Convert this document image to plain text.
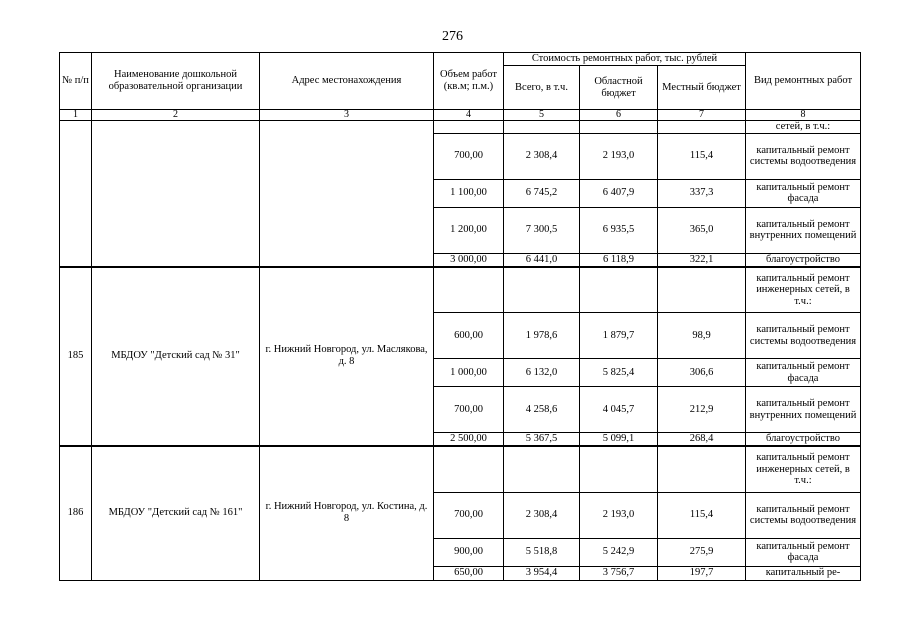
276
№ п/п	Наименование дошкольной образовательной организации	Адрес местонахождения	Объем работ (кв.м; п.м.)	Стоимость ремонтных работ, тыс. рублей			Вид ремонтных работ
				Всего, в т.ч.	Областной бюджет	Местный бюджет	
1	2	3	4	5	6	7	8
							сетей, в т.ч.:
			700,00	2 308,4	2 193,0	115,4	капитальный ремонт системы водоотведения
			1 100,00	6 745,2	6 407,9	337,3	капитальный ремонт фасада
			1 200,00	7 300,5	6 935,5	365,0	капитальный ремонт внутренних помещений
			3 000,00	6 441,0	6 118,9	322,1	благоустройство
185	МБДОУ "Детский сад № 31"	г. Нижний Новгород, ул. Маслякова, д. 8					капитальный ремонт инженерных сетей, в т.ч.:
			600,00	1 978,6	1 879,7	98,9	капитальный ремонт системы водоотведения
			1 000,00	6 132,0	5 825,4	306,6	капитальный ремонт фасада
			700,00	4 258,6	4 045,7	212,9	капитальный ремонт внутренних помещений
			2 500,00	5 367,5	5 099,1	268,4	благоустройство
186	МБДОУ "Детский сад № 161"	г. Нижний Новгород, ул. Костина, д. 8					капитальный ремонт инженерных сетей, в т.ч.:
			700,00	2 308,4	2 193,0	115,4	капитальный ремонт системы водоотведения
			900,00	5 518,8	5 242,9	275,9	капитальный ремонт фасада
			650,00	3 954,4	3 756,7	197,7	капитальный ре-
